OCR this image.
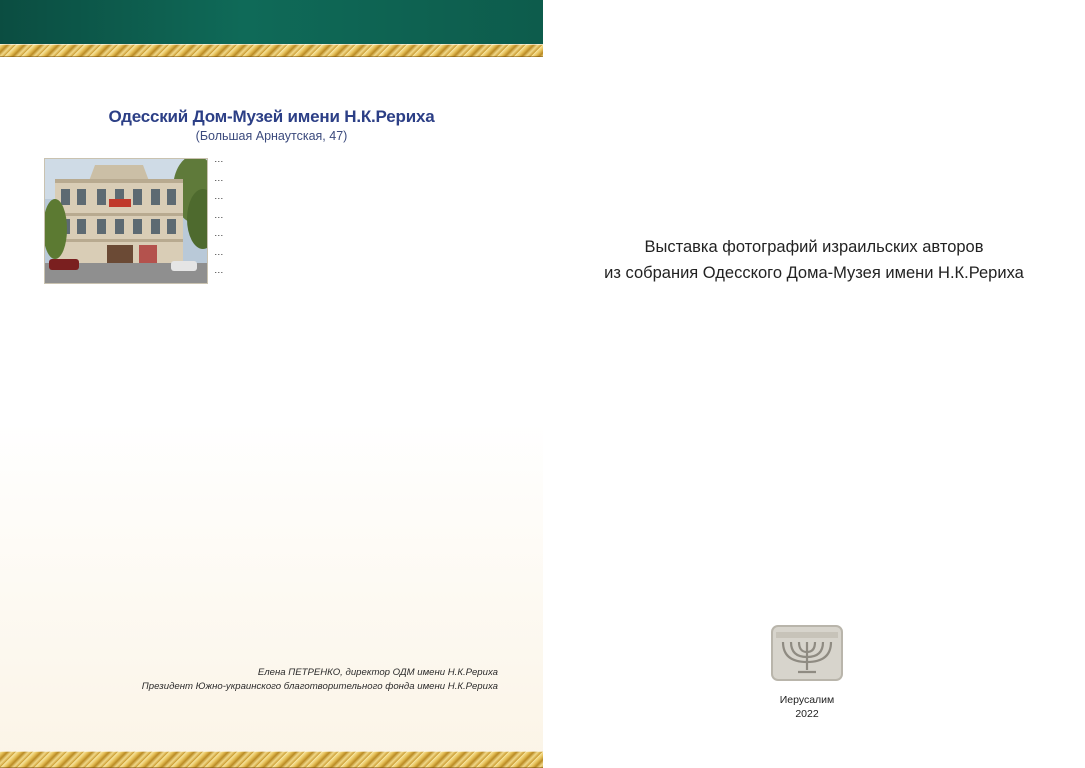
Одесский Дом-Музей имени Н.К.Рериха
(Большая Арнаутская, 47)

…

…

…

…

…

…

…

Елена ПЕТРЕНКО, директор ОДМ имени Н.К.Рериха
Президент Южно-украинского благотворительного фонда имени Н.К.Рериха
Выставка фотографий израильских авторов
из собрания Одесского Дома-Музея имени Н.К.Рериха
Иерусалим
2022
